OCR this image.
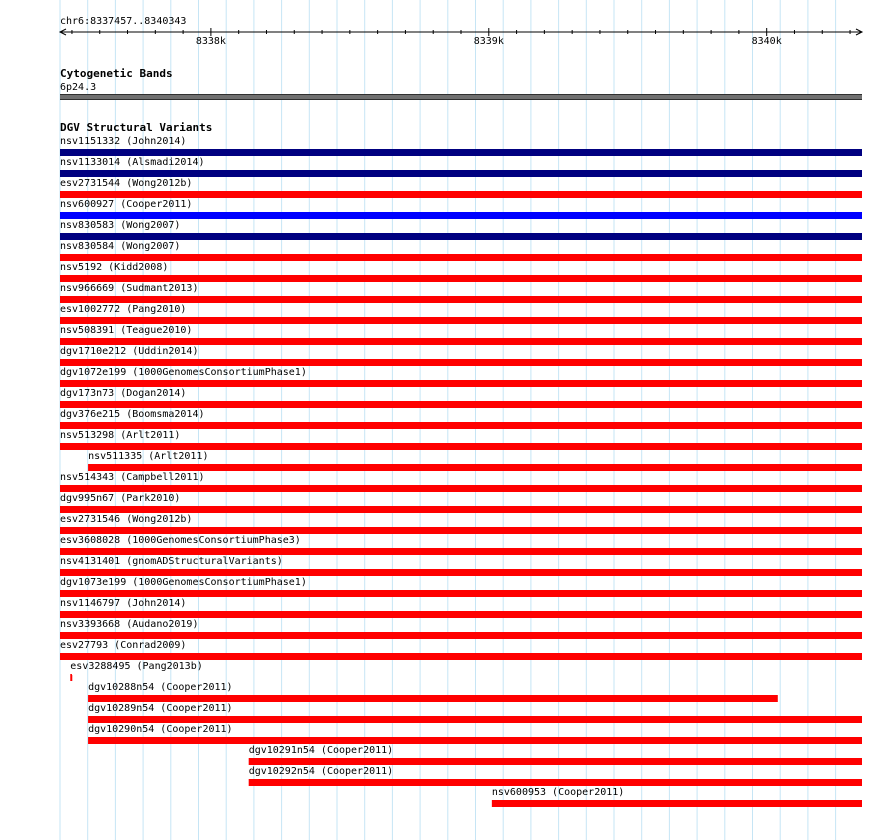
chr6:8337457..8340343
8338k	8339k	8340k
Cytogenetic Bands
6p24.3
DGV Structural Variants
nsv1151332 (John2014)
nsv1133014 (Alsmadi2014)
esv2731544 (Wong2012b)
nsv600927 (Cooper2011)
nsv830583 (Wong2007)
nsv830584 (Wong2007)
nsv5192 (Kidd2008)
nsv966669 (Sudmant2013)
esv1002772 (Pang2010)
nsv508391 (Teague2010)
dgv1710e212 (Uddin2014)
dgv1072e199 (1000GenomesConsortiumPhase1)
dgv173n73 (Dogan2014)
dgv376e215 (Boomsma2014)
nsv513298 (Arlt2011)
nsv511335 (Arlt2011)
nsv514343 (Campbell2011)
dgv995n67 (Park2010)
esv2731546 (Wong2012b)
esv3608028 (1000GenomesConsortiumPhase3)
nsv4131401 (gnomADStructuralVariants)
dgv1073e199 (1000GenomesConsortiumPhase1)
nsv1146797 (John2014)
nsv3393668 (Audano2019)
esv27793 (Conrad2009)
esv3288495 (Pang2013b)
dgv10288n54 (Cooper2011)
dgv10289n54 (Cooper2011)
dgv10290n54 (Cooper2011)
dgv10291n54 (Cooper2011)
dgv10292n54 (Cooper2011)
nsv600953 (Cooper2011)
